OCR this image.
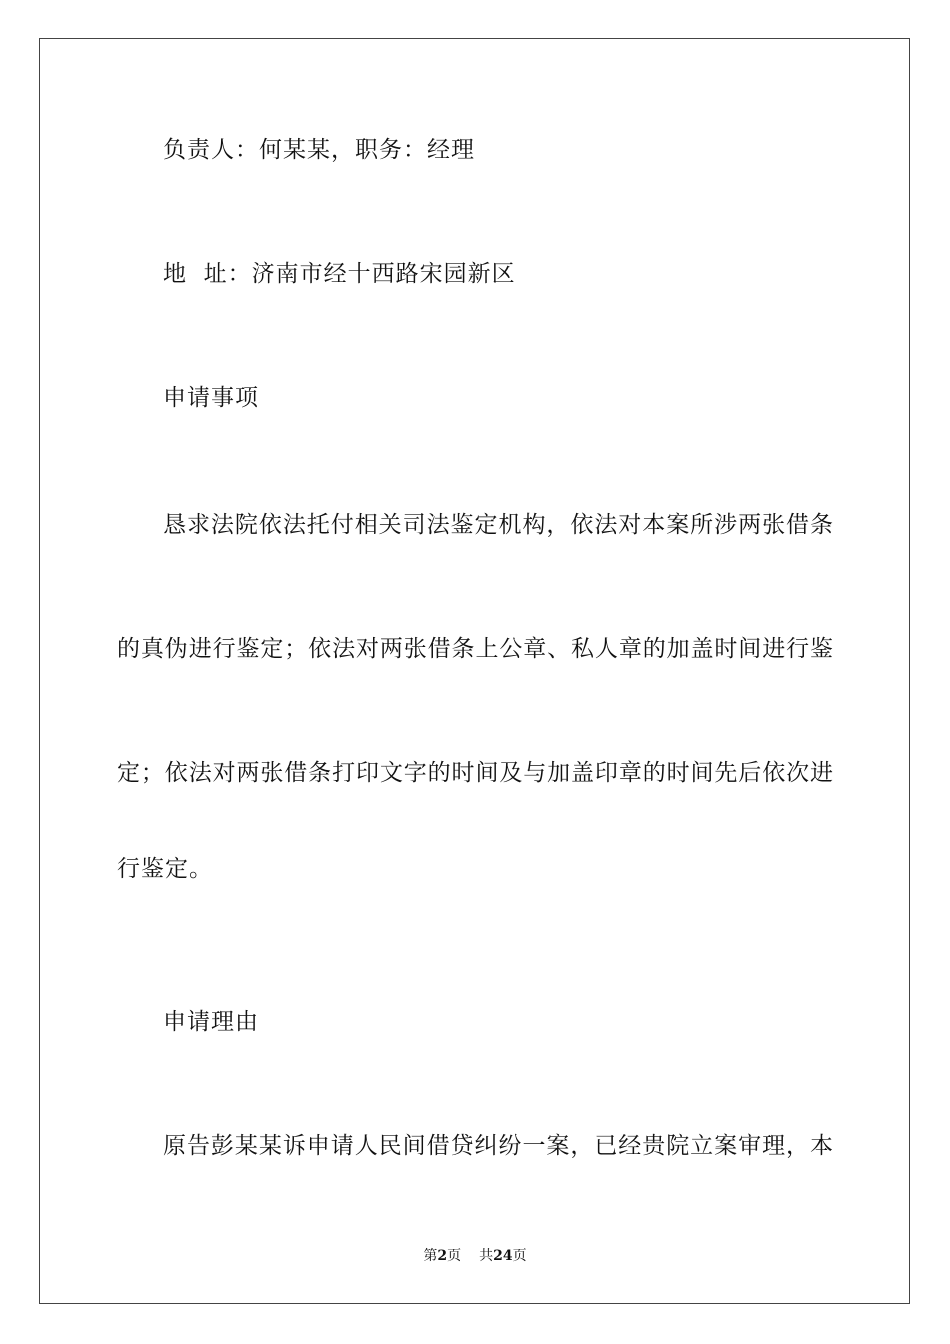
负责人：何某某，职务：经理
地  址：济南市经十西路宋园新区
申请事项
恳求法院依法托付相关司法鉴定机构，依法对本案所涉两张借条
的真伪进行鉴定；依法对两张借条上公章、私人章的加盖时间进行鉴
定；依法对两张借条打印文字的时间及与加盖印章的时间先后依次进
行鉴定。
申请理由
原告彭某某诉申请人民间借贷纠纷一案，已经贵院立案审理，本
第2页 共24页
